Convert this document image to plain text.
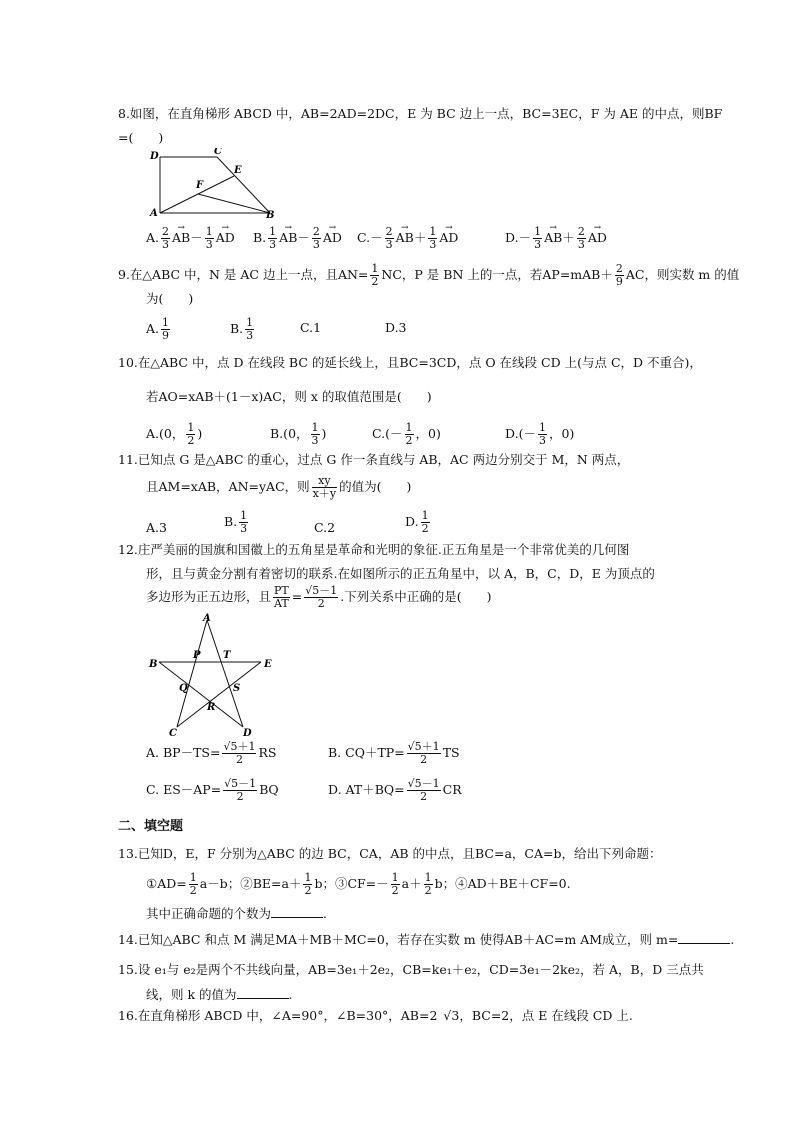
8.如图，在直角梯形 ABCD 中，AB=2AD=2DC，E 为 BC 边上一点，BC=3EC，F 为 AE 的中点，则BF
=(　　)
D	C
E
F
A	B
A. $\frac{2}{3}$
→ $AB- \frac{1}{3}$
→ AD B. $\frac{1}{3}$
→ $AB- \frac{2}{3}$
→ AD $C.- \frac{2}{3}$
→ $AB+ \frac{1}{3}$
→ AD	$D.- \frac{1}{3}$
→ $AB+ \frac{2}{3}$
→ AD
9.在△ABC 中，N 是 AC 边上一点，且$AN= \frac{1}{2}$ NC，P 是 BN 上的一点，若$AP=mAB+ \frac{2}{9}$ AC，则实数 m 的值
为(　　)
A. $\frac{1}{9}$	B. $\frac{1}{3}$	C.1	D.3
10.在△ABC 中，点 D 在线段 BC 的延长线上，且BC=3CD，点 O 在线段 CD 上(与点 C，D 不重合)，
若AO=xAB＋(1－x)AC，则 x 的取值范围是(　　)
A.(0， $\frac{1}{2}$ )	B.(0， $\frac{1}{3}$ )	$C.(- \frac{1}{2}$ ，0)	$D.(- \frac{1}{3}$ ，0)
11.已知点 G 是△ABC 的重心，过点 G 作一条直线与 AB，AC 两边分别交于 M，N 两点，
且AM=xAB，AN=yAC，则 $\frac{xy}{x+y}$ 的值为(　　)
A.3	B. $\frac{1}{3}$	C.2	D. $\frac{1}{2}$
12.庄严美丽的国旗和国徽上的五角星是革命和光明的象征.正五角星是一个非常优美的几何图
形，且与黄金分割有着密切的联系.在如图所示的正五角星中，以 A，B，C，D，E 为顶点的
多边形为正五边形，且 $\frac{PT}{AT} = \frac{√5-1}{2}$ .下列关系中正确的是(　　)
A
B
P T
E
Q	S
R
C	D
A. $BP-TS= \frac{√5+1}{2}$ RS	B. $CQ+TP= \frac{√5+1}{2}$ TS
C. $ES-AP= \frac{√5-1}{2}$ BQ	D. $AT+BQ= \frac{√5-1}{2}$ CR
二、填空题
13.已知D，E，F 分别为△ABC 的边 BC，CA，AB 的中点，且BC=a，CA=b，给出下列命题：
①AD= $\frac{1}{2} a-b$；②BE=a＋ $\frac{1}{2}$ b；③CF=－ $\frac{1}{2} a+ \frac{1}{2}$ b；④AD＋BE＋CF=0.
其中正确命题的个数为	.
14.已知△ABC 和点 M 满足MA＋MB＋MC=0，若存在实数 m 使得AB＋AC=m AM成立，则 m=	.
15.设 e₁与 e₂是两个不共线向量，AB=3e₁＋2e₂，CB=ke₁＋e₂，CD=3e₁－2ke₂，若 A，B，D 三点共
线，则 k 的值为	.
16.在直角梯形 ABCD 中，∠A=90°，∠B=30°，AB=2 √3，BC=2，点 E 在线段 CD 上.
